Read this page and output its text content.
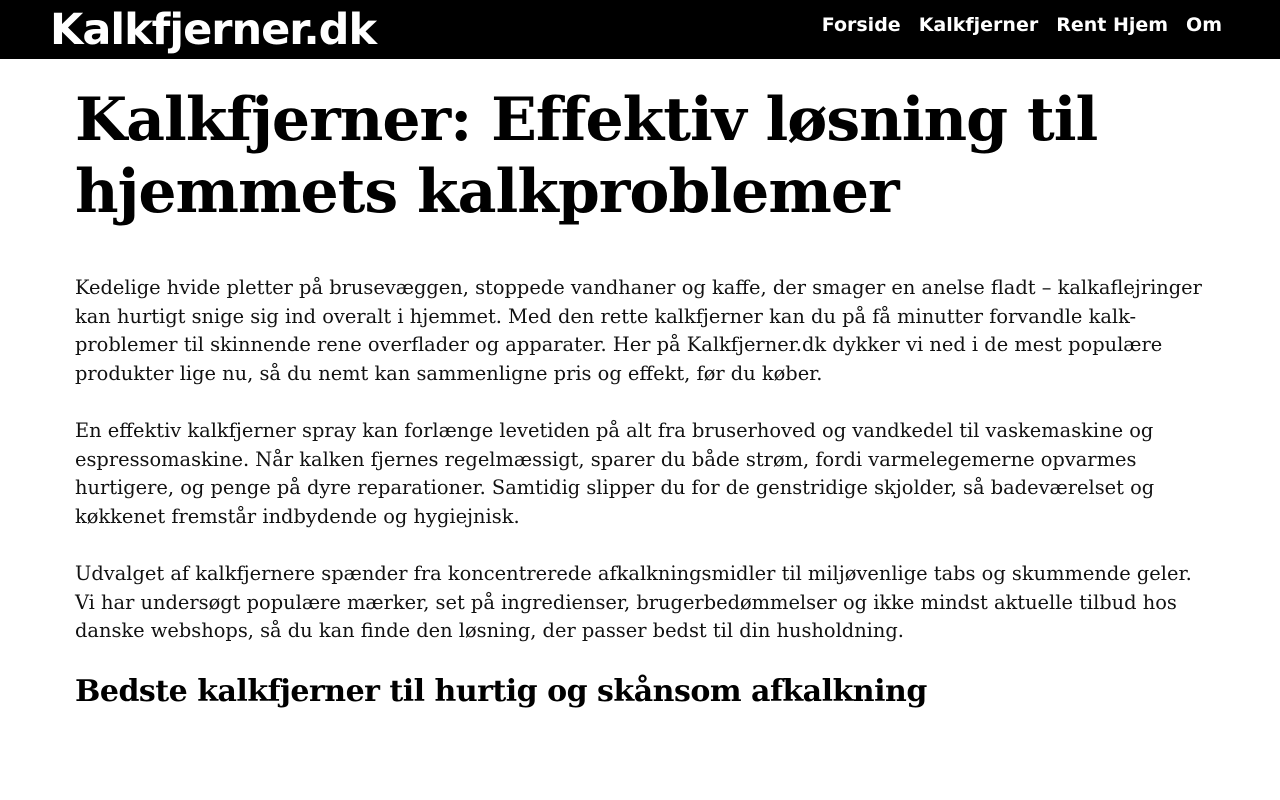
Kalkfjerner.dk	Forside Kalkfjerner Rent Hjem Om
Kalkfjerner: Effektiv løsning til hjemmets kalkproblemer

Kedelige hvide pletter på brusevæggen, stoppede vandhaner og kaffe, der smager en anelse fladt – kalkaflejringer kan hurtigt snige sig ind overalt i hjemmet. Med den rette kalkfjerner kan du på få minutter forvandle kalk-problemer til skinnende rene overflader og apparater. Her på Kalkfjerner.dk dykker vi ned i de mest populære produkter lige nu, så du nemt kan sammenligne pris og effekt, før du køber.

En effektiv kalkfjerner spray kan forlænge levetiden på alt fra bruserhoved og vandkedel til vaskemaskine og espressomaskine. Når kalken fjernes regelmæssigt, sparer du både strøm, fordi varmelegemerne opvarmes hurtigere, og penge på dyre reparationer. Samtidig slipper du for de genstridige skjolder, så badeværelset og køkkenet fremstår indbydende og hygiejnisk.

Udvalget af kalkfjernere spænder fra koncentrerede afkalkningsmidler til miljøvenlige tabs og skummende geler. Vi har undersøgt populære mærker, set på ingredienser, brugerbedømmelser og ikke mindst aktuelle tilbud hos danske webshops, så du kan finde den løsning, der passer bedst til din husholdning.

Bedste kalkfjerner til hurtig og skånsom afkalkning
